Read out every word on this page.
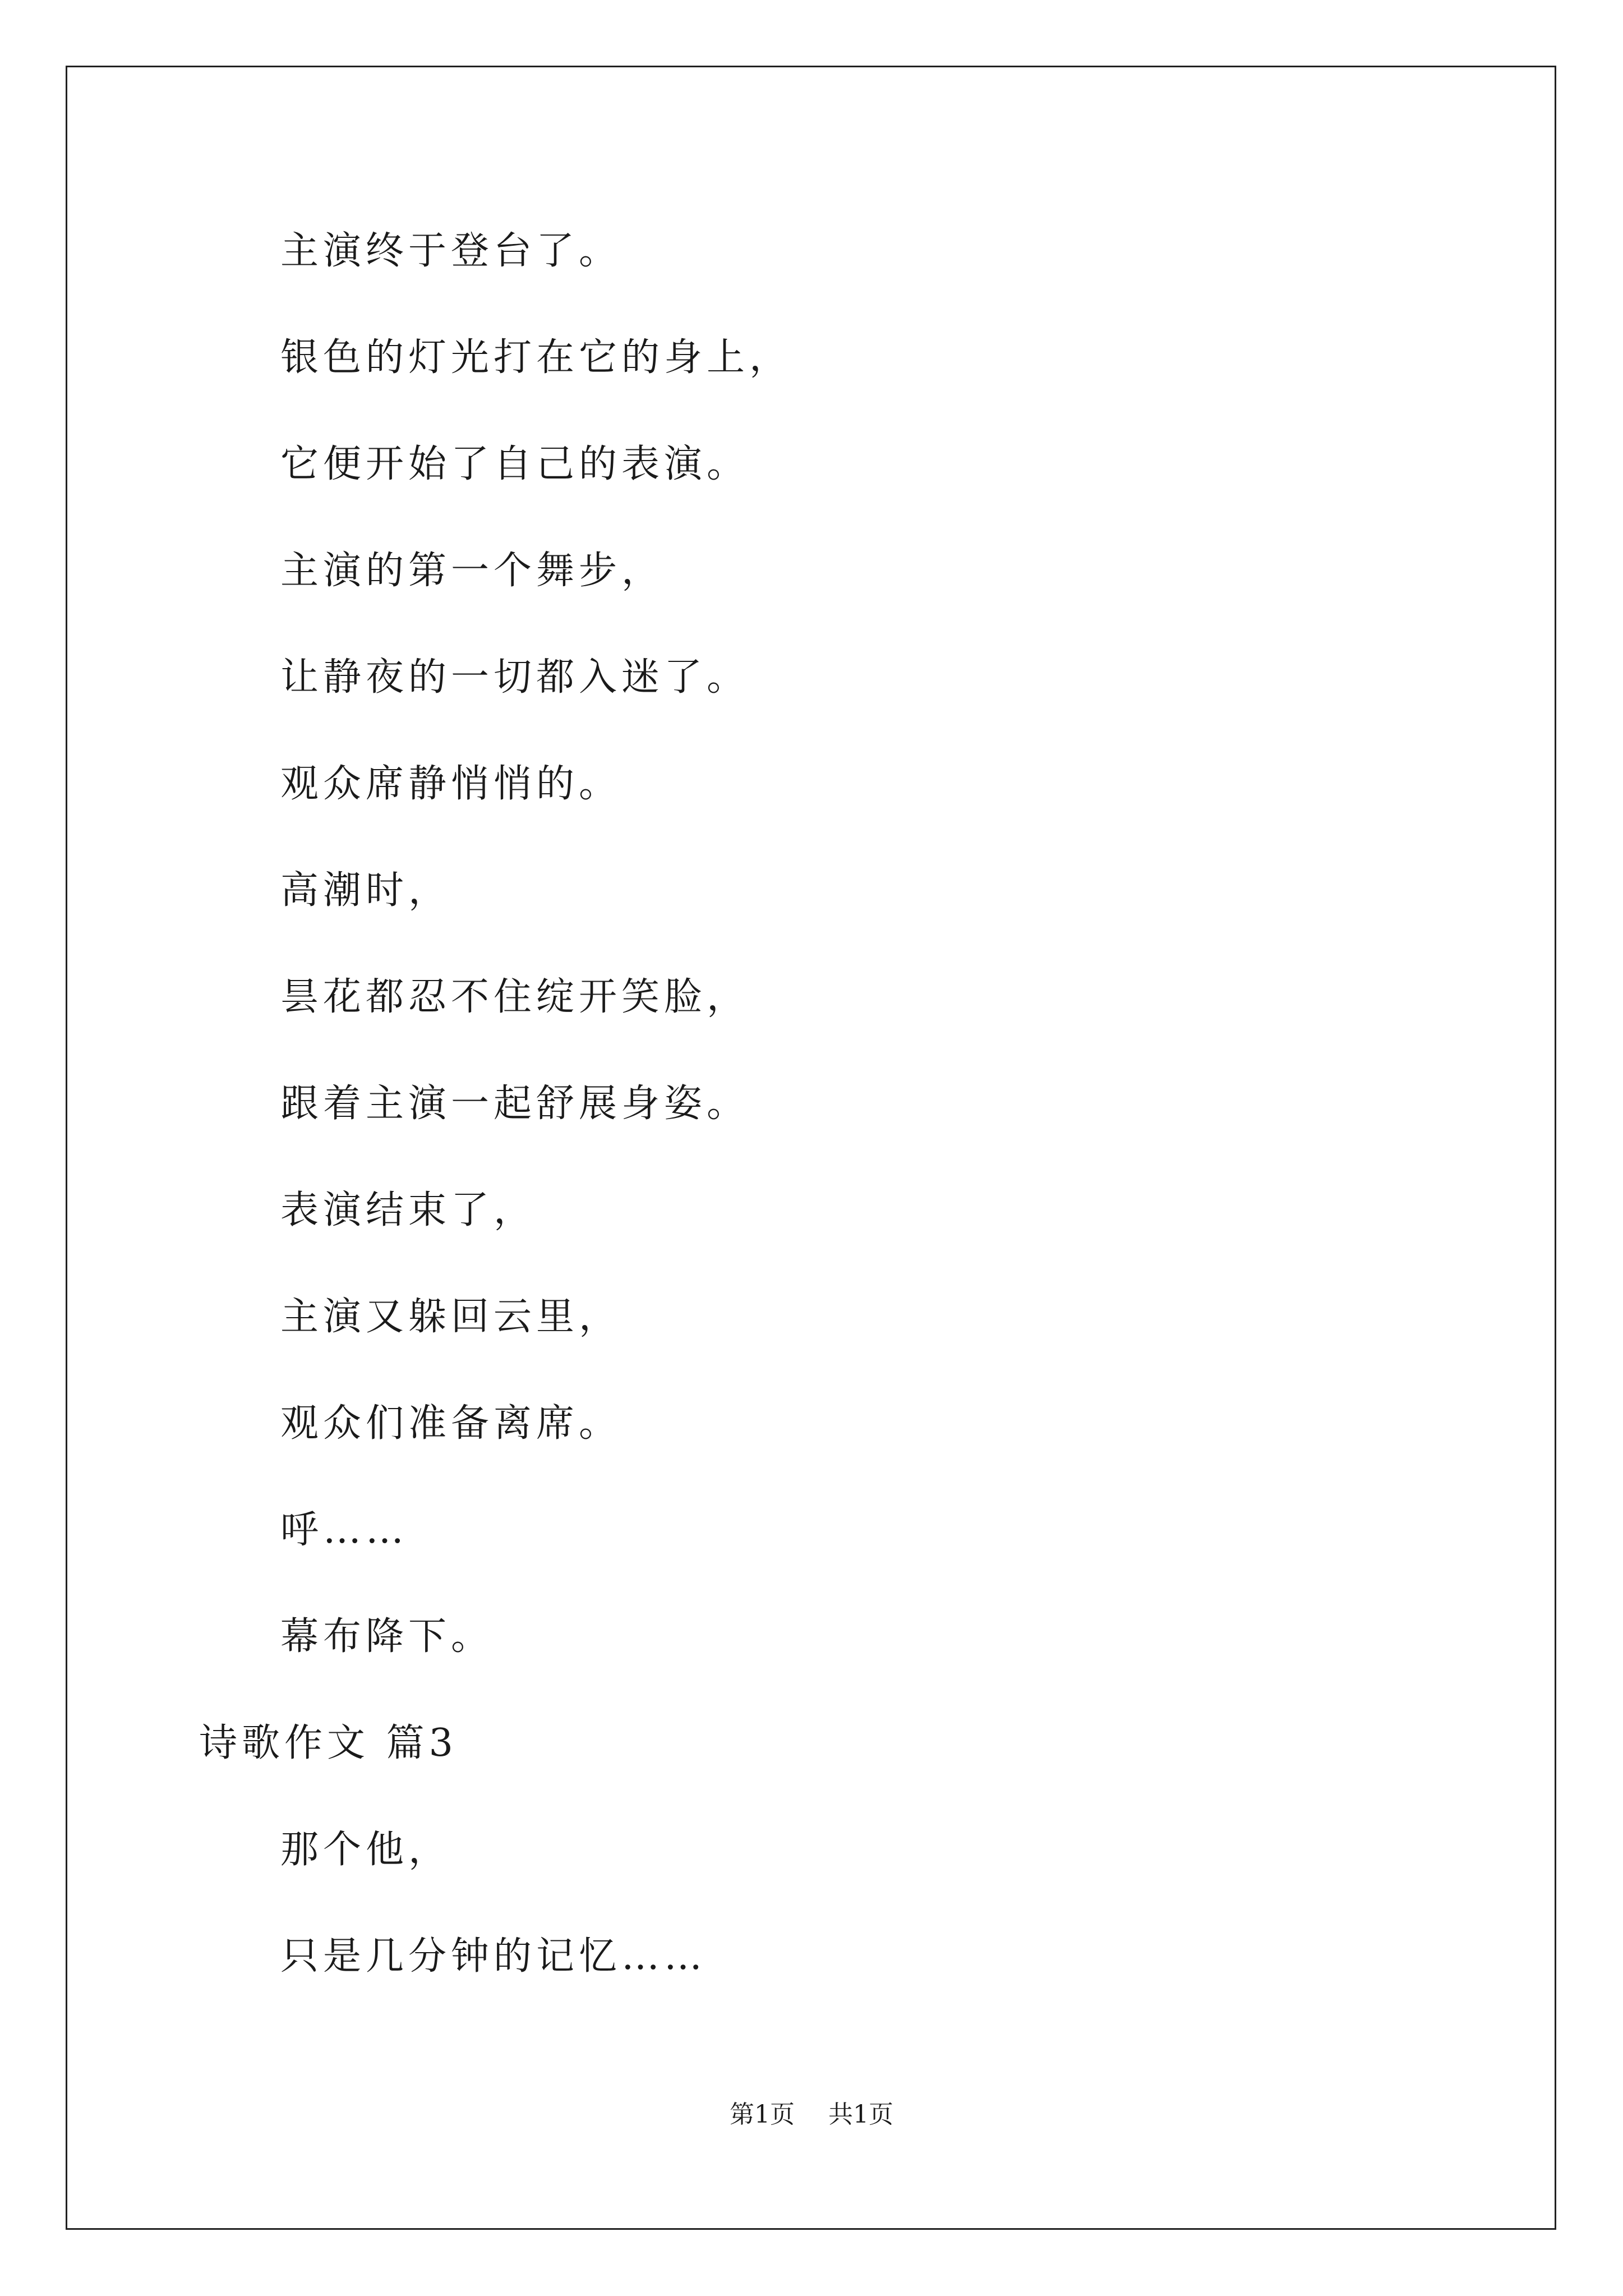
主演终于登台了。
银色的灯光打在它的身上，
它便开始了自己的表演。
主演的第一个舞步，
让静夜的一切都入迷了。
观众席静悄悄的。
高潮时，
昙花都忍不住绽开笑脸，
跟着主演一起舒展身姿。
表演结束了，
主演又躲回云里，
观众们准备离席。
呼……
幕布降下。
诗歌作文 篇3
那个他，
只是几分钟的记忆……
第1页 共1页
